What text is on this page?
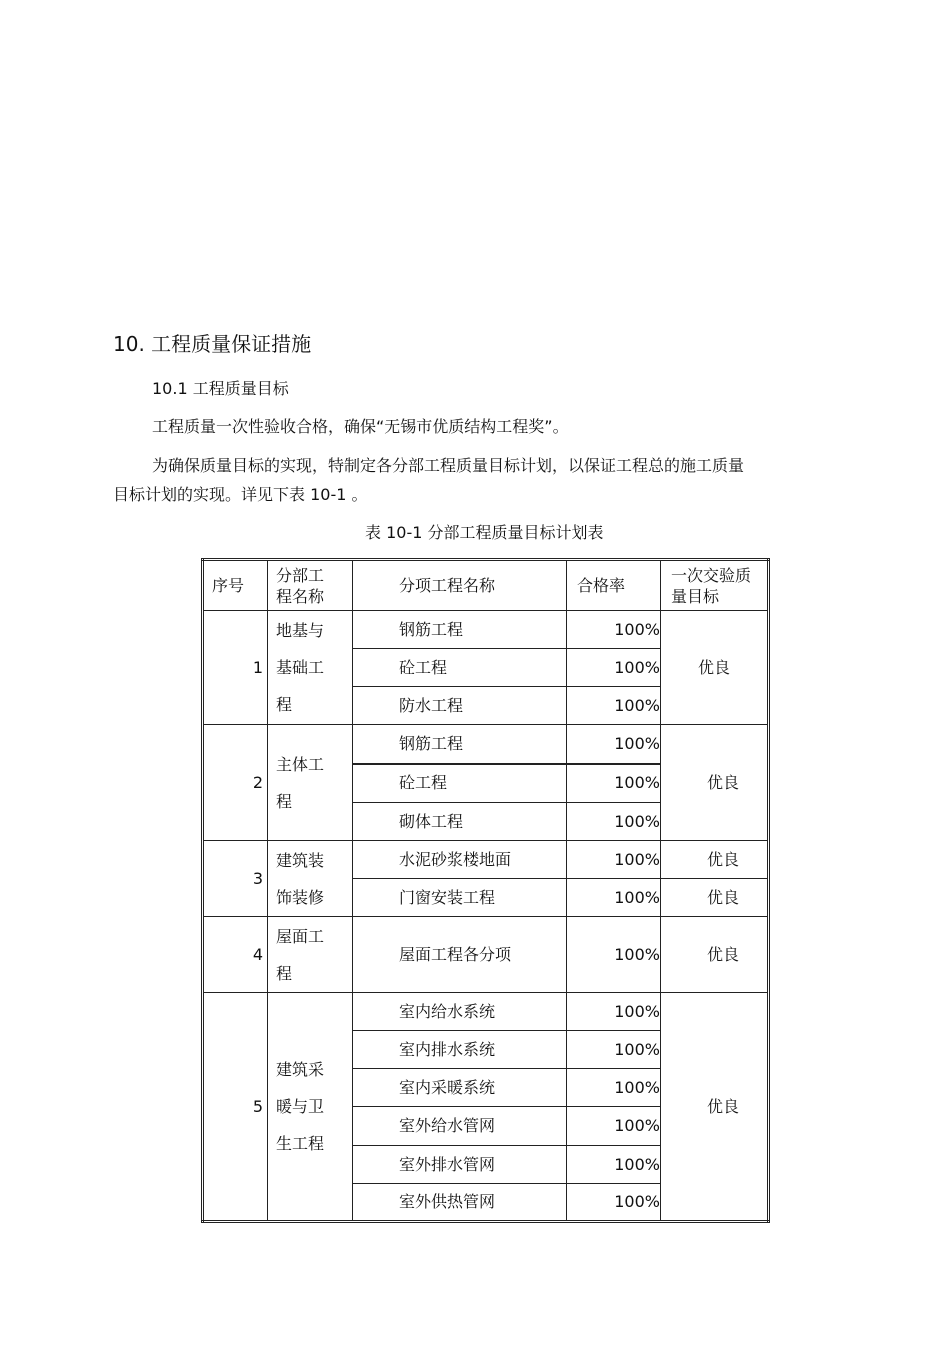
10. 工程质量保证措施
10.1 工程质量目标
工程质量一次性验收合格，确保“无锡市优质结构工程奖”。
为确保质量目标的实现，特制定各分部工程质量目标计划，以保证工程总的施工质量
目标计划的实现。详见下表 10-1 。
表 10-1 分部工程质量目标计划表
序号	分部工程名称	分项工程名称	合格率	一次交验质量目标

1	地基与基础工程	钢筋工程	100%	优良
		砼工程	100%	
		防水工程	100%	
2	主体工程	钢筋工程	100%	优良
		砼工程	100%	
		砌体工程	100%	
3	建筑装饰装修	水泥砂浆楼地面	100%	优良
		门窗安装工程	100%	优良
4	屋面工程	屋面工程各分项	100%	优良
5	建筑采暖与卫生工程	室内给水系统	100%	优良
		室内排水系统	100%	
		室内采暖系统	100%	
		室外给水管网	100%	
		室外排水管网	100%	
		室外供热管网	100%	
